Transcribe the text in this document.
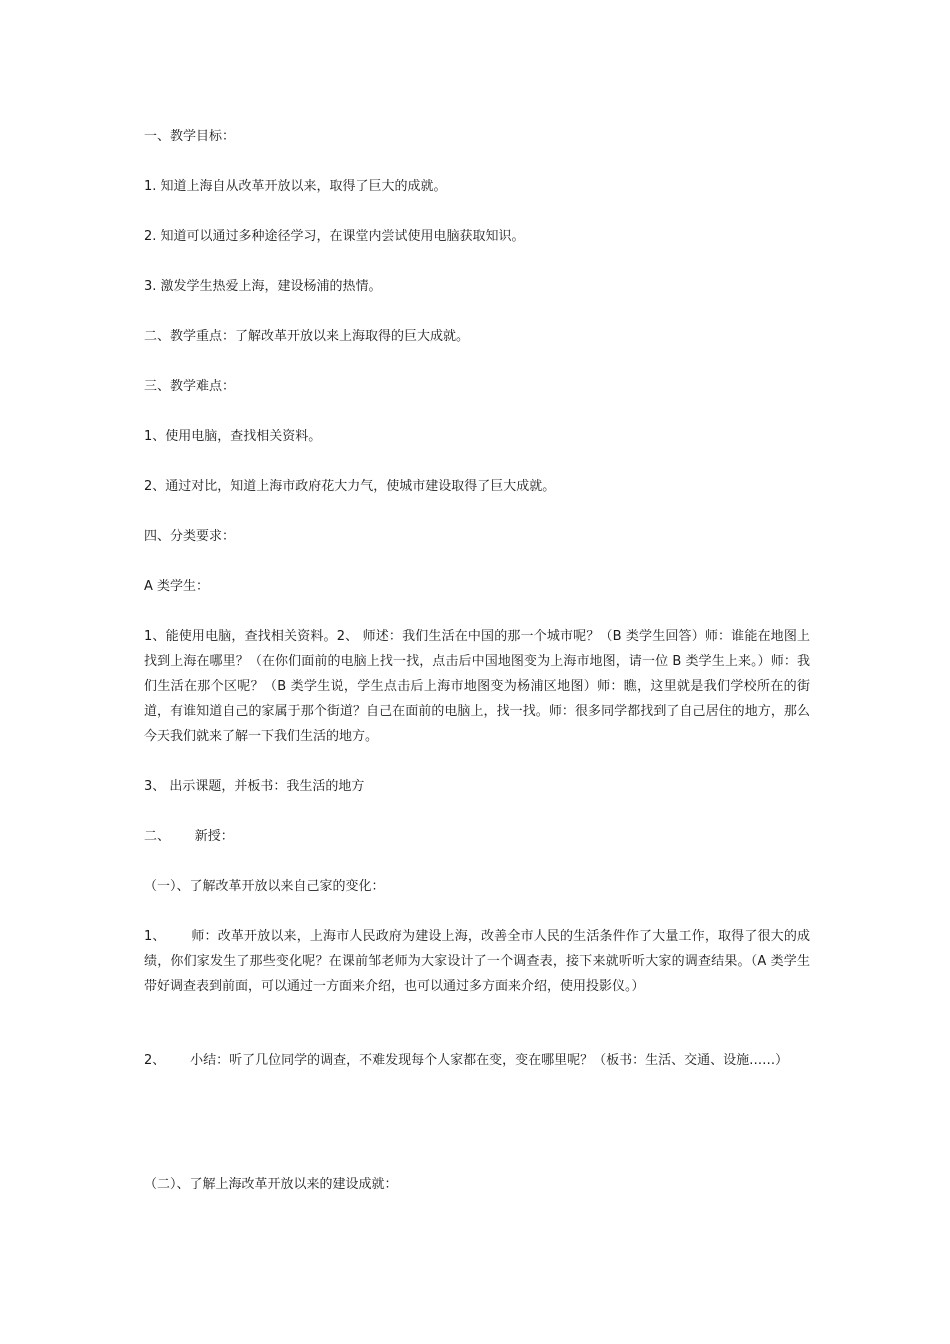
一、教学目标：

1. 知道上海自从改革开放以来，取得了巨大的成就。

2. 知道可以通过多种途径学习，在课堂内尝试使用电脑获取知识。

3. 激发学生热爱上海，建设杨浦的热情。

二、教学重点：了解改革开放以来上海取得的巨大成就。

三、教学难点：

1、使用电脑，查找相关资料。

2、通过对比，知道上海市政府花大力气，使城市建设取得了巨大成就。

四、分类要求：

A 类学生：

1、能使用电脑，查找相关资料。2、 师述：我们生活在中国的那一个城市呢？（B 类学生回答）师：谁能在地图上找到上海在哪里？（在你们面前的电脑上找一找，点击后中国地图变为上海市地图，请一位 B 类学生上来。）师：我们生活在那个区呢？（B 类学生说，学生点击后上海市地图变为杨浦区地图）师：瞧，这里就是我们学校所在的街道，有谁知道自己的家属于那个街道？自己在面前的电脑上，找一找。师：很多同学都找到了自己居住的地方，那么今天我们就来了解一下我们生活的地方。

3、 出示课题，并板书：我生活的地方

二、      新授：

（一）、了解改革开放以来自己家的变化：

1、      师：改革开放以来，上海市人民政府为建设上海，改善全市人民的生活条件作了大量工作，取得了很大的成绩，你们家发生了那些变化呢？在课前邹老师为大家设计了一个调查表，接下来就听听大家的调查结果。（A 类学生带好调查表到前面，可以通过一方面来介绍，也可以通过多方面来介绍，使用投影仪。）

2、      小结：听了几位同学的调查，不难发现每个人家都在变，变在哪里呢？（板书：生活、交通、设施……）

（二）、了解上海改革开放以来的建设成就：
